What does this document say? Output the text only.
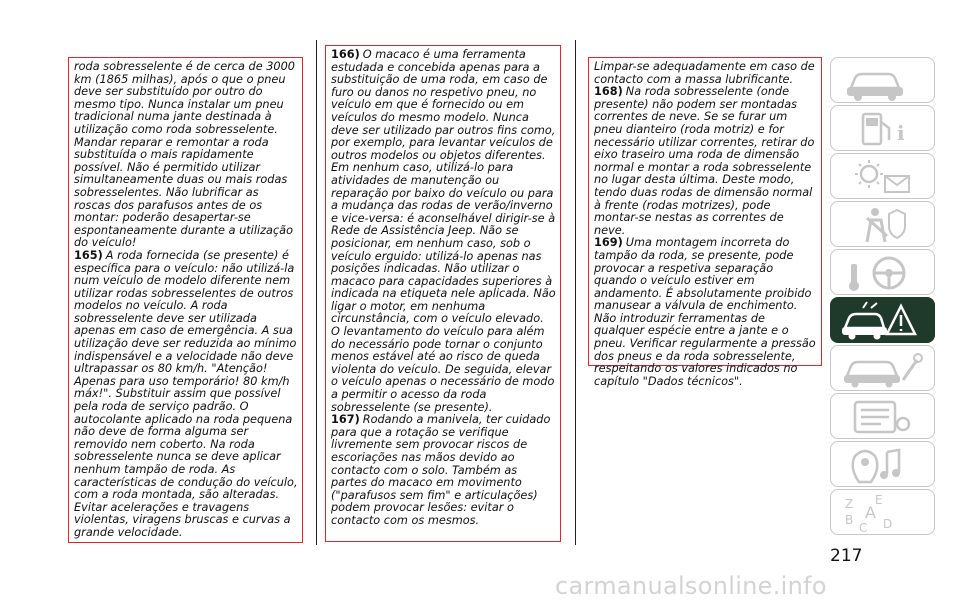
roda sobresselente é de cerca de 3000 km (1865 milhas), após o que o pneu deve ser substituído por outro do mesmo tipo. Nunca instalar um pneu tradicional numa jante destinada à utilização como roda sobresselente. Mandar reparar e remontar a roda substituída o mais rapidamente possível. Não é permitido utilizar simultaneamente duas ou mais rodas sobresselentes. Não lubrificar as roscas dos parafusos antes de os montar: poderão desapertar-se espontaneamente durante a utilização do veículo!

165) A roda fornecida (se presente) é específica para o veículo: não utilizá-la num veículo de modelo diferente nem utilizar rodas sobresselentes de outros modelos no veículo. A roda sobresselente deve ser utilizada apenas em caso de emergência. A sua utilização deve ser reduzida ao mínimo indispensável e a velocidade não deve ultrapassar os 80 km/h. "Atenção! Apenas para uso temporário! 80 km/h máx!". Substituir assim que possível pela roda de serviço padrão. O autocolante aplicado na roda pequena não deve de forma alguma ser removido nem coberto. Na roda sobresselente nunca se deve aplicar nenhum tampão de roda. As características de condução do veículo, com a roda montada, são alteradas. Evitar acelerações e travagens violentas, viragens bruscas e curvas a grande velocidade.

166) O macaco é uma ferramenta estudada e concebida apenas para a substituição de uma roda, em caso de furo ou danos no respetivo pneu, no veículo em que é fornecido ou em veículos do mesmo modelo. Nunca deve ser utilizado par outros fins como, por exemplo, para levantar veículos de outros modelos ou objetos diferentes. Em nenhum caso, utilizá-lo para atividades de manutenção ou reparação por baixo do veículo ou para a mudança das rodas de verão/inverno e vice-versa: é aconselhável dirigir-se à Rede de Assistência Jeep. Não se posicionar, em nenhum caso, sob o veículo erguido: utilizá-lo apenas nas posições indicadas. Não utilizar o macaco para capacidades superiores à indicada na etiqueta nele aplicada. Não ligar o motor, em nenhuma circunstância, com o veículo elevado. O levantamento do veículo para além do necessário pode tornar o conjunto menos estável até ao risco de queda violenta do veículo. De seguida, elevar o veículo apenas o necessário de modo a permitir o acesso da roda sobresselente (se presente).

167) Rodando a manivela, ter cuidado para que a rotação se verifique livremente sem provocar riscos de escoriações nas mãos devido ao contacto com o solo. Também as partes do macaco em movimento ("parafusos sem fim" e articulações) podem provocar lesões: evitar o contacto com os mesmos.

Limpar-se adequadamente em caso de contacto com a massa lubrificante.

168) Na roda sobresselente (onde presente) não podem ser montadas correntes de neve. Se se furar um pneu dianteiro (roda motriz) e for necessário utilizar correntes, retirar do eixo traseiro uma roda de dimensão normal e montar a roda sobresselente no lugar desta última. Deste modo, tendo duas rodas de dimensão normal à frente (rodas motrizes), pode montar-se nestas as correntes de neve.

169) Uma montagem incorreta do tampão da roda, se presente, pode provocar a respetiva separação quando o veículo estiver em andamento. É absolutamente proibido manusear a válvula de enchimento. Não introduzir ferramentas de qualquer espécie entre a jante e o pneu. Verificar regularmente a pressão dos pneus e da roda sobresselente, respeitando os valores indicados no capítulo "Dados técnicos".

i
Z E
B A
C D
217
carmanualsonline.info
